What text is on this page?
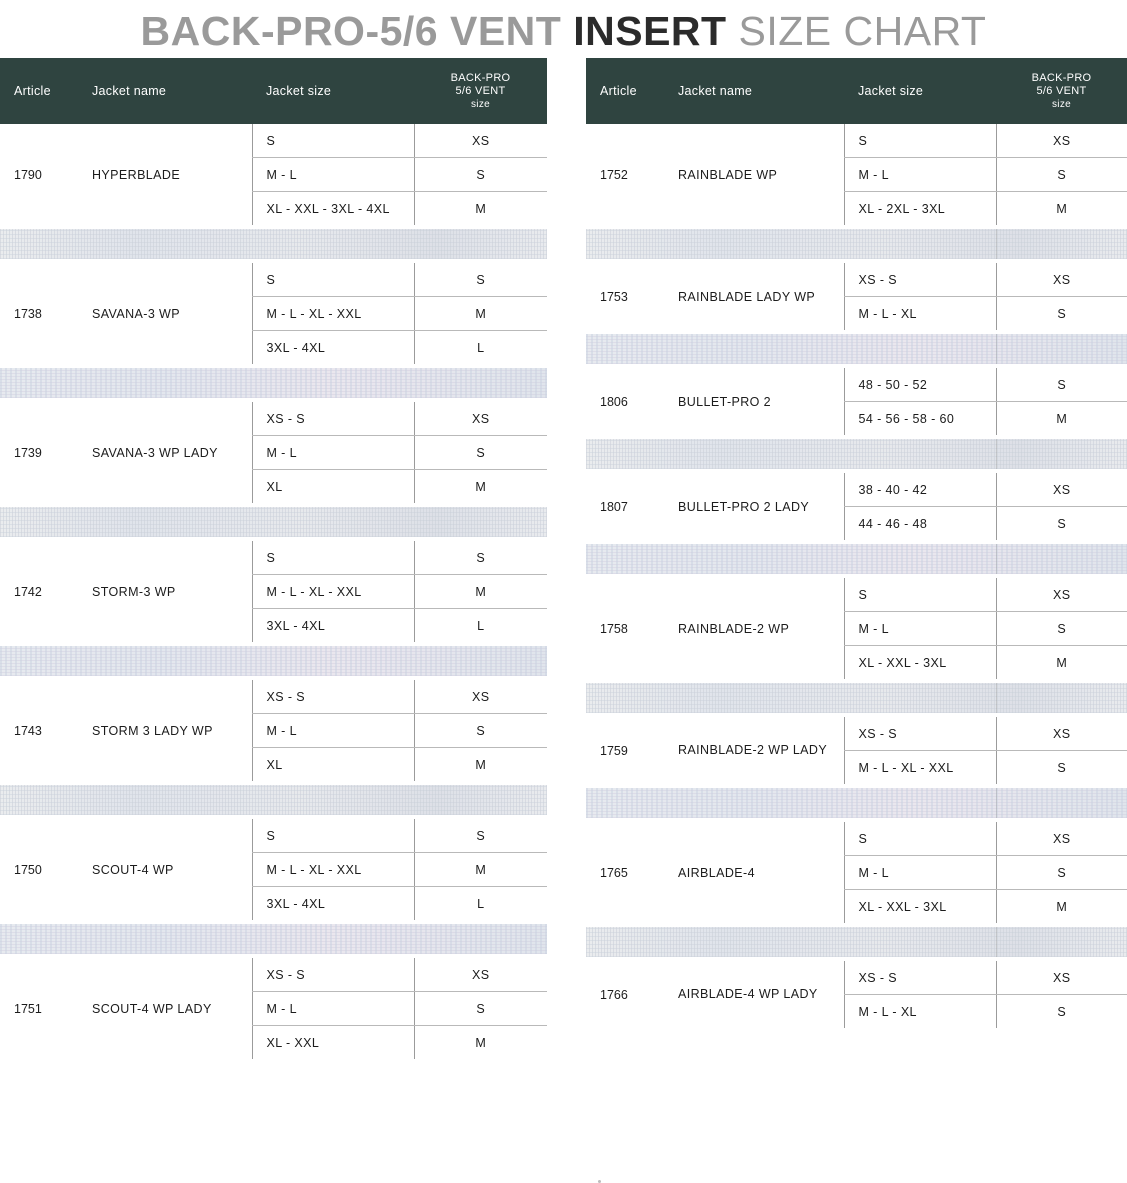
BACK-PRO-5/6 VENT INSERT SIZE CHART
Article	Jacket name	Jacket size	BACK-PRO
5/6 VENT
size

1790	HYPERBLADE	S	XS
		M - L	S
		XL - XXL - 3XL - 4XL	M

1738	SAVANA-3 WP	S	S
		M - L - XL - XXL	M
		3XL - 4XL	L

1739	SAVANA-3 WP LADY	XS - S	XS
		M - L	S
		XL	M

1742	STORM-3 WP	S	S
		M - L - XL - XXL	M
		3XL - 4XL	L

1743	STORM 3 LADY WP	XS - S	XS
		M - L	S
		XL	M

1750	SCOUT-4 WP	S	S
		M - L - XL - XXL	M
		3XL - 4XL	L

1751	SCOUT-4 WP LADY	XS - S	XS
		M - L	S
		XL - XXL	M
Article	Jacket name	Jacket size	BACK-PRO
5/6 VENT
size

1752	RAINBLADE WP	S	XS
		M - L	S
		XL - 2XL - 3XL	M

1753	RAINBLADE LADY WP	XS - S	XS
		M - L - XL	S

1806	BULLET-PRO 2	48 - 50 - 52	S
		54 - 56 - 58 - 60	M

1807	BULLET-PRO 2 LADY	38 - 40 - 42	XS
		44 - 46 - 48	S

1758	RAINBLADE-2 WP	S	XS
		M - L	S
		XL - XXL - 3XL	M

1759	RAINBLADE-2 WP LADY	XS - S	XS
		M - L - XL - XXL	S

1765	AIRBLADE-4	S	XS
		M - L	S
		XL - XXL - 3XL	M

1766	AIRBLADE-4 WP LADY	XS - S	XS
		M - L - XL	S
